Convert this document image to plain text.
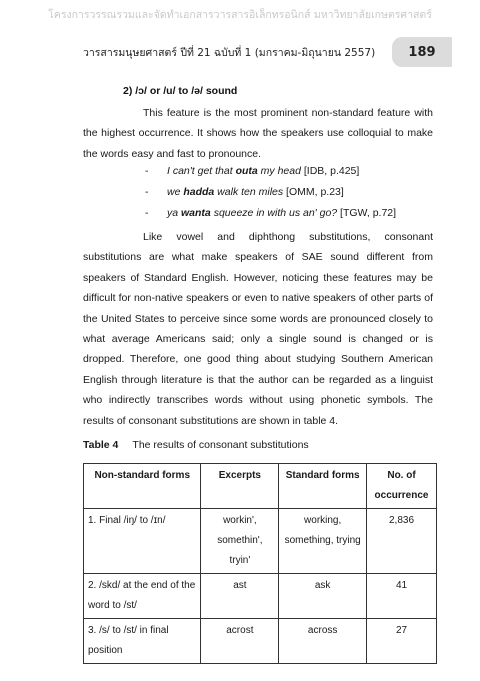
โครงการวรรณรวมและจัดทำเอกสารวารสารอิเล็กทรอนิกส์ มหาวิทยาลัยเกษตรศาสตร์
วารสารมนุษยศาสตร์ ปีที่ 21 ฉบับที่ 1 (มกราคม-มิถุนายน 2557)	189
2) /ɔ/ or /u/ to /ə/ sound

This feature is the most prominent non-standard feature with the highest occurrence. It shows how the speakers use colloquial to make the words easy and fast to pronounce.

- I can't get that outa my head [IDB, p.425]
- we hadda walk ten miles [OMM, p.23]
- ya wanta squeeze in with us an' go? [TGW, p.72]

Like vowel and diphthong substitutions, consonant substitutions are what make speakers of SAE sound different from speakers of Standard English. However, noticing these features may be difficult for non-native speakers or even to native speakers of other parts of the United States to perceive since some words are pronounced closely to what average Americans said; only a single sound is changed or is dropped. Therefore, one good thing about studying Southern American English through literature is that the author can be regarded as a linguist who indirectly transcribes words without using phonetic symbols. The results of consonant substitutions are shown in table 4.

Table 4 The results of consonant substitutions
Non-standard forms	Excerpts	Standard forms	No. of occurrence
1. Final /iŋ/ to /ɪn/	workin', somethin', tryin'	working, something, trying	2,836
2. /skd/ at the end of the word to /st/	ast	ask	41
3. /s/ to /st/ in final position	acrost	across	27
